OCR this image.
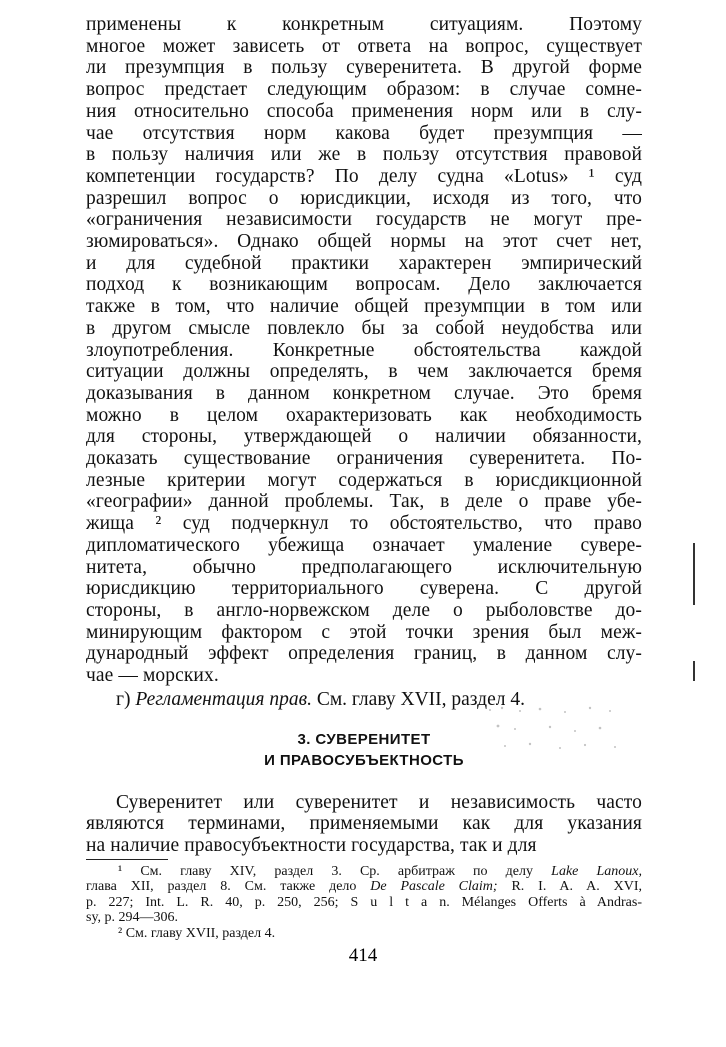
применены к конкретным ситуациям. Поэтому
многое может зависеть от ответа на вопрос, существует
ли презумпция в пользу суверенитета. В другой форме
вопрос предстает следующим образом: в случае сомне-
ния относительно способа применения норм или в слу-
чае отсутствия норм какова будет презумпция —
в пользу наличия или же в пользу отсутствия правовой
компетенции государств? По делу судна «Lotus» ¹ суд
разрешил вопрос о юрисдикции, исходя из того, что
«ограничения независимости государств не могут пре-
зюмироваться». Однако общей нормы на этот счет нет,
и для судебной практики характерен эмпирический
подход к возникающим вопросам. Дело заключается
также в том, что наличие общей презумпции в том или
в другом смысле повлекло бы за собой неудобства или
злоупотребления. Конкретные обстоятельства каждой
ситуации должны определять, в чем заключается бремя
доказывания в данном конкретном случае. Это бремя
можно в целом охарактеризовать как необходимость
для стороны, утверждающей о наличии обязанности,
доказать существование ограничения суверенитета. По-
лезные критерии могут содержаться в юрисдикционной
«географии» данной проблемы. Так, в деле о праве убе-
жища ² суд подчеркнул то обстоятельство, что право
дипломатического убежища означает умаление сувере-
нитета, обычно предполагающего исключительную
юрисдикцию территориального суверена. С другой
стороны, в англо-норвежском деле о рыболовстве до-
минирующим фактором с этой точки зрения был меж-
дународный эффект определения границ, в данном слу-
чае — морских.
г) Регламентация прав. См. главу XVII, раздел 4.
3. СУВЕРЕНИТЕТ
И ПРАВОСУБЪЕКТНОСТЬ
Суверенитет или суверенитет и независимость часто
являются терминами, применяемыми как для указания
на наличие правосубъектности государства, так и для
¹ См. главу XIV, раздел 3. Ср. арбитраж по делу Lake Lanoux,
глава XII, раздел 8. См. также дело De Pascale Claim; R. I. A. A. XVI,
p. 227; Int. L. R. 40, p. 250, 256; S u l t a n. Mélanges Offerts à Andras-
sy, p. 294—306.
² См. главу XVII, раздел 4.
414
